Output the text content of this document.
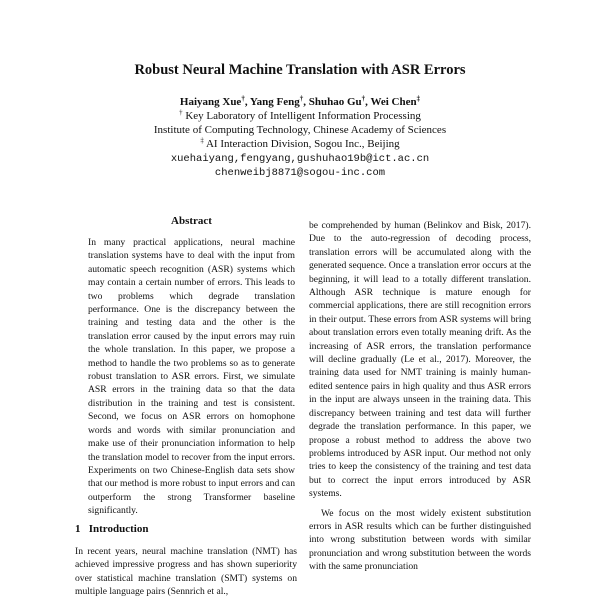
Robust Neural Machine Translation with ASR Errors
Haiyang Xue†, Yang Feng†, Shuhao Gu†, Wei Chen‡
† Key Laboratory of Intelligent Information Processing
Institute of Computing Technology, Chinese Academy of Sciences
‡ AI Interaction Division, Sogou Inc., Beijing
xuehaiyang,fengyang,gushuhao19b@ict.ac.cn
chenweibj8871@sogou-inc.com
Abstract

In many practical applications, neural machine translation systems have to deal with the input from automatic speech recognition (ASR) systems which may contain a certain number of errors. This leads to two problems which degrade translation performance. One is the discrepancy between the training and testing data and the other is the translation error caused by the input errors may ruin the whole translation. In this paper, we propose a method to handle the two problems so as to generate robust translation to ASR errors. First, we simulate ASR errors in the training data so that the data distribution in the training and test is consistent. Second, we focus on ASR errors on homophone words and words with similar pronunciation and make use of their pronunciation information to help the translation model to recover from the input errors. Experiments on two Chinese-English data sets show that our method is more robust to input errors and can outperform the strong Transformer baseline significantly.

1 Introduction

In recent years, neural machine translation (NMT) has achieved impressive progress and has shown superiority over statistical machine translation (SMT) systems on multiple language pairs (Sennrich et al.,

be comprehended by human (Belinkov and Bisk, 2017). Due to the auto-regression of decoding process, translation errors will be accumulated along with the generated sequence. Once a translation error occurs at the beginning, it will lead to a totally different translation. Although ASR technique is mature enough for commercial applications, there are still recognition errors in their output. These errors from ASR systems will bring about translation errors even totally meaning drift. As the increasing of ASR errors, the translation performance will decline gradually (Le et al., 2017). Moreover, the training data used for NMT training is mainly human-edited sentence pairs in high quality and thus ASR errors in the input are always unseen in the training data. This discrepancy between training and test data will further degrade the translation performance. In this paper, we propose a robust method to address the above two problems introduced by ASR input. Our method not only tries to keep the consistency of the training and test data but to correct the input errors introduced by ASR systems.

We focus on the most widely existent substitution errors in ASR results which can be further distinguished into wrong substitution between words with similar pronunciation and wrong substitution between the words with the same pronunciation
